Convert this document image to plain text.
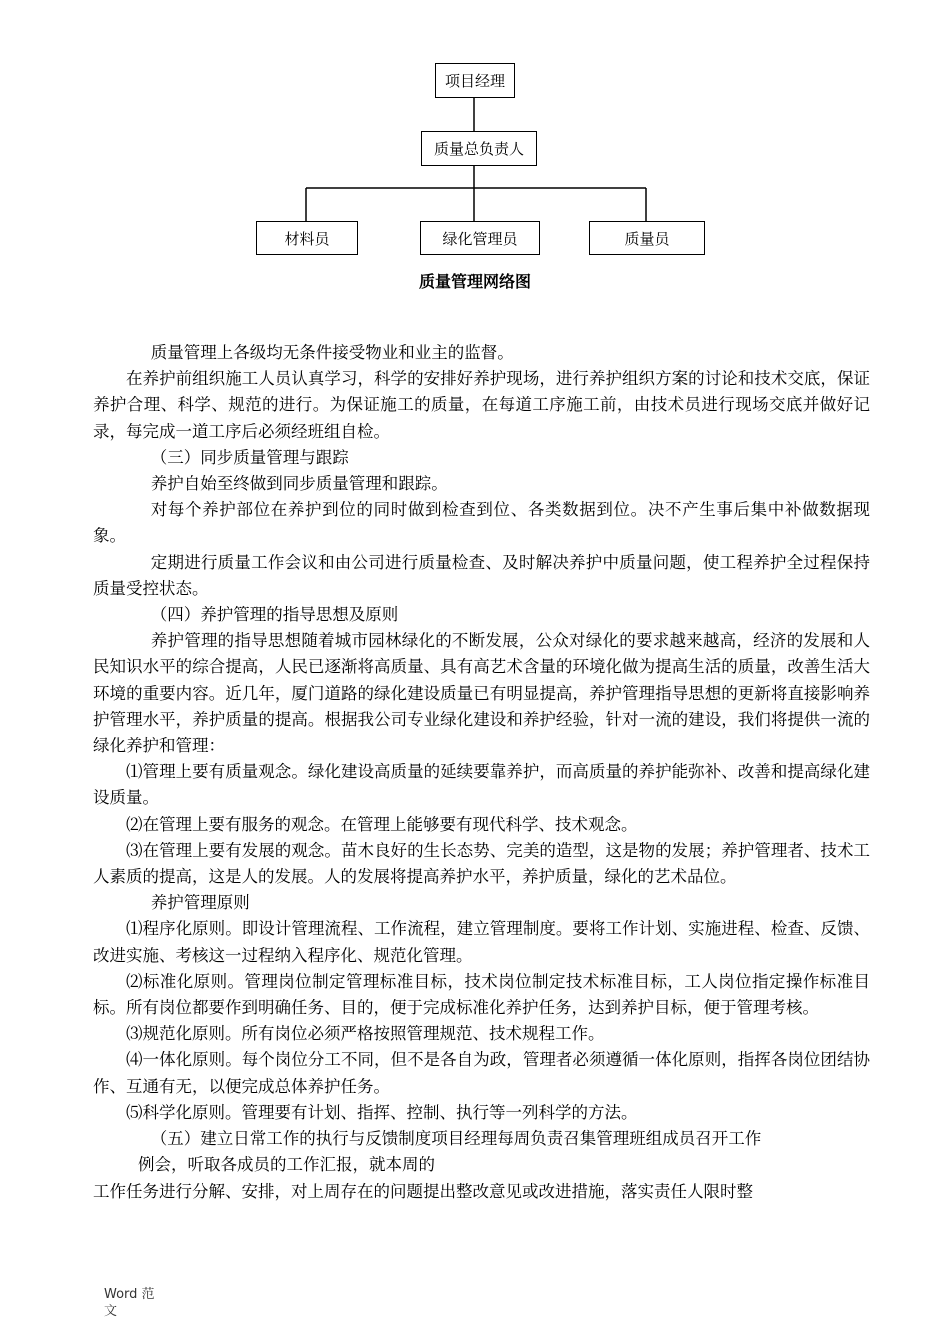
项目经理
质量总负责人
材料员	绿化管理员	质量员
质量管理网络图

质量管理上各级均无条件接受物业和业主的监督。

在养护前组织施工人员认真学习，科学的安排好养护现场，进行养护组织方案的讨论和技术交底，保证养护合理、科学、规范的进行。为保证施工的质量，在每道工序施工前，由技术员进行现场交底并做好记录，每完成一道工序后必须经班组自检。

（三）同步质量管理与跟踪

养护自始至终做到同步质量管理和跟踪。

对每个养护部位在养护到位的同时做到检查到位、各类数据到位。决不产生事后集中补做数据现象。

定期进行质量工作会议和由公司进行质量检查、及时解决养护中质量问题，使工程养护全过程保持质量受控状态。

（四）养护管理的指导思想及原则

养护管理的指导思想随着城市园林绿化的不断发展，公众对绿化的要求越来越高，经济的发展和人民知识水平的综合提高，人民已逐渐将高质量、具有高艺术含量的环境化做为提高生活的质量，改善生活大环境的重要内容。近几年，厦门道路的绿化建设质量已有明显提高，养护管理指导思想的更新将直接影响养护管理水平，养护质量的提高。根据我公司专业绿化建设和养护经验，针对一流的建设，我们将提供一流的绿化养护和管理：

⑴管理上要有质量观念。绿化建设高质量的延续要靠养护，而高质量的养护能弥补、改善和提高绿化建设质量。

⑵在管理上要有服务的观念。在管理上能够要有现代科学、技术观念。

⑶在管理上要有发展的观念。苗木良好的生长态势、完美的造型，这是物的发展；养护管理者、技术工人素质的提高，这是人的发展。人的发展将提高养护水平，养护质量，绿化的艺术品位。

养护管理原则

⑴程序化原则。即设计管理流程、工作流程，建立管理制度。要将工作计划、实施进程、检查、反馈、改进实施、考核这一过程纳入程序化、规范化管理。

⑵标准化原则。管理岗位制定管理标准目标，技术岗位制定技术标准目标，工人岗位指定操作标准目标。所有岗位都要作到明确任务、目的，便于完成标准化养护任务，达到养护目标，便于管理考核。

⑶规范化原则。所有岗位必须严格按照管理规范、技术规程工作。

⑷一体化原则。每个岗位分工不同，但不是各自为政，管理者必须遵循一体化原则，指挥各岗位团结协作、互通有无，以便完成总体养护任务。

⑸科学化原则。管理要有计划、指挥、控制、执行等一列科学的方法。

（五）建立日常工作的执行与反馈制度项目经理每周负责召集管理班组成员召开工作

例会，听取各成员的工作汇报，就本周的

工作任务进行分解、安排，对上周存在的问题提出整改意见或改进措施，落实责任人限时整

Word 范
文
